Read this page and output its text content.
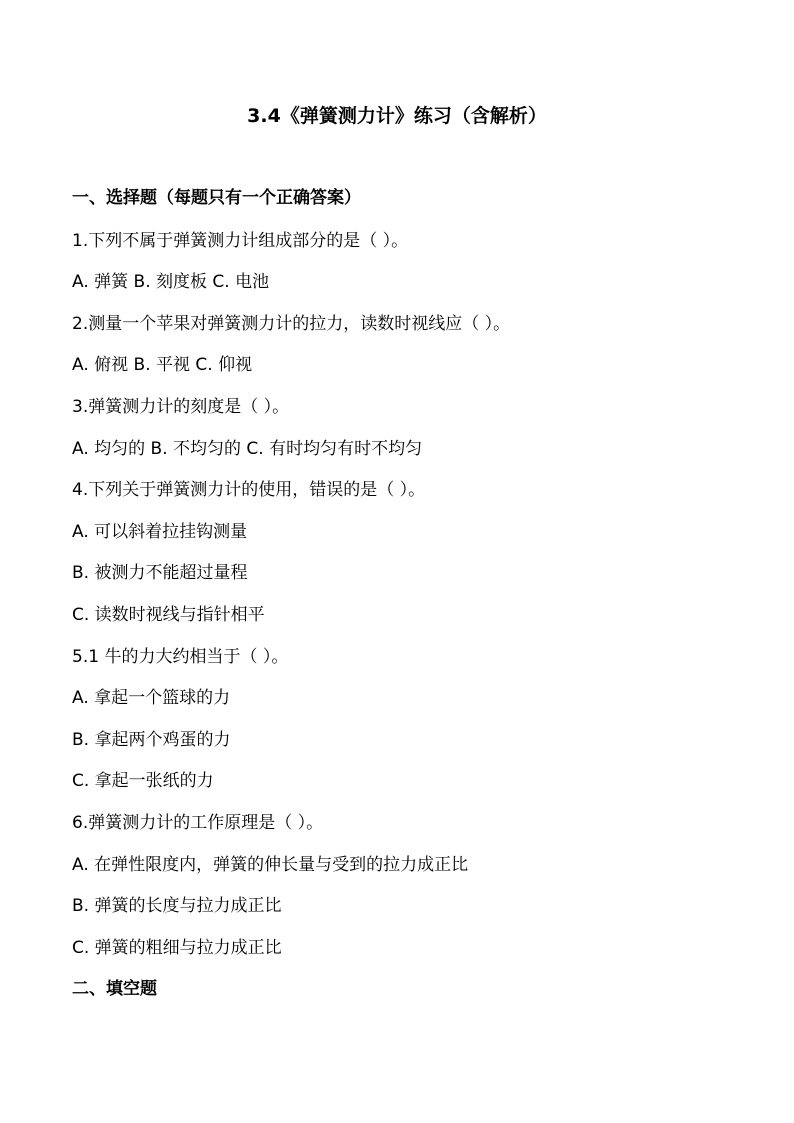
3.4《弹簧测力计》练习（含解析）
一、选择题（每题只有一个正确答案）
1.下列不属于弹簧测力计组成部分的是（ ）。
A. 弹簧 B. 刻度板 C. 电池
2.测量一个苹果对弹簧测力计的拉力，读数时视线应（ ）。
A. 俯视 B. 平视 C. 仰视
3.弹簧测力计的刻度是（ ）。
A. 均匀的 B. 不均匀的 C. 有时均匀有时不均匀
4.下列关于弹簧测力计的使用，错误的是（ ）。
A. 可以斜着拉挂钩测量
B. 被测力不能超过量程
C. 读数时视线与指针相平
5.1 牛的力大约相当于（ ）。
A. 拿起一个篮球的力
B. 拿起两个鸡蛋的力
C. 拿起一张纸的力
6.弹簧测力计的工作原理是（ ）。
A. 在弹性限度内，弹簧的伸长量与受到的拉力成正比
B. 弹簧的长度与拉力成正比
C. 弹簧的粗细与拉力成正比
二、填空题
